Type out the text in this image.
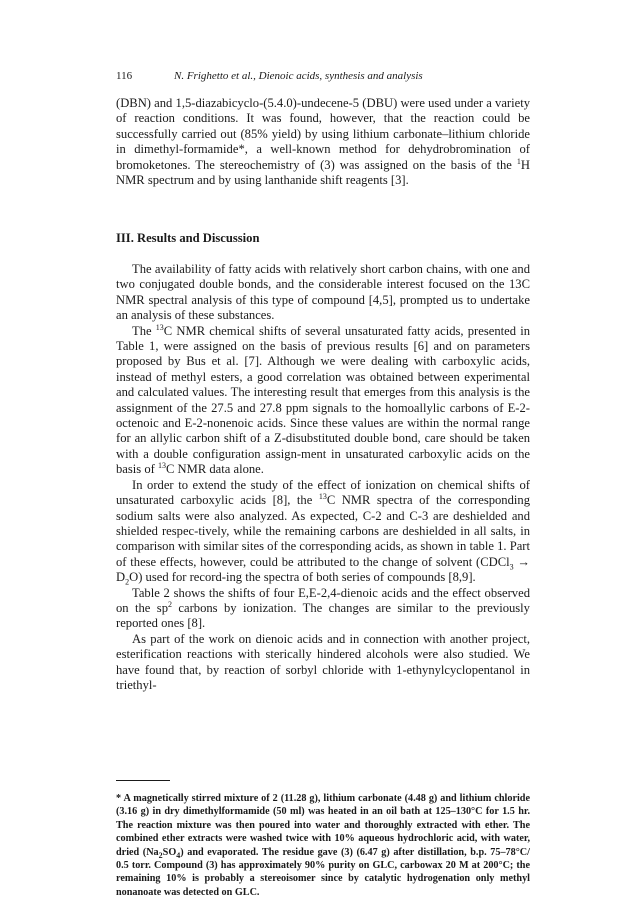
116	N. Frighetto et al., Dienoic acids, synthesis and analysis

(DBN) and 1,5-diazabicyclo-(5.4.0)-undecene-5 (DBU) were used under a variety of reaction conditions. It was found, however, that the reaction could be successfully carried out (85% yield) by using lithium carbonate–lithium chloride in dimethyl-formamide*, a well-known method for dehydrobromination of bromoketones. The stereochemistry of (3) was assigned on the basis of the $^1$H NMR spectrum and by using lanthanide shift reagents [3].

III. Results and Discussion

The availability of fatty acids with relatively short carbon chains, with one and two conjugated double bonds, and the considerable interest focused on the 13C NMR spectral analysis of this type of compound [4,5], prompted us to undertake an analysis of these substances.

The $^{13}$C NMR chemical shifts of several unsaturated fatty acids, presented in Table 1, were assigned on the basis of previous results [6] and on parameters proposed by Bus et al. [7]. Although we were dealing with carboxylic acids, instead of methyl esters, a good correlation was obtained between experimental and calculated values. The interesting result that emerges from this analysis is the assignment of the 27.5 and 27.8 ppm signals to the homoallylic carbons of E-2-octenoic and E-2-nonenoic acids. Since these values are within the normal range for an allylic carbon shift of a Z-disubstituted double bond, care should be taken with a double configuration assign-ment in unsaturated carboxylic acids on the basis of $^{13}$C NMR data alone.

In order to extend the study of the effect of ionization on chemical shifts of unsaturated carboxylic acids [8], the $^{13}$C NMR spectra of the corresponding sodium salts were also analyzed. As expected, C-2 and C-3 are deshielded and shielded respec-tively, while the remaining carbons are deshielded in all salts, in comparison with similar sites of the corresponding acids, as shown in table 1. Part of these effects, however, could be attributed to the change of solvent (CDCl$_3$ → $D_2O$) used for record-ing the spectra of both series of compounds [8,9].

Table 2 shows the shifts of four E,E-2,4-dienoic acids and the effect observed on the $sp^2$ carbons by ionization. The changes are similar to the previously reported ones [8].

As part of the work on dienoic acids and in connection with another project, esterification reactions with sterically hindered alcohols were also studied. We have found that, by reaction of sorbyl chloride with 1-ethynylcyclopentanol in triethyl-

* A magnetically stirred mixture of 2 (11.28 g), lithium carbonate (4.48 g) and lithium chloride (3.16 g) in dry dimethylformamide (50 ml) was heated in an oil bath at 125–130°C for 1.5 hr. The reaction mixture was then poured into water and thoroughly extracted with ether. The combined ether extracts were washed twice with 10% aqueous hydrochloric acid, with water, dried $(Na_2SO_4)$ and evaporated. The residue gave (3) (6.47 g) after distillation, b.p. 75–78°C/ 0.5 torr. Compound (3) has approximately 90% purity on GLC, carbowax 20 M at 200°C; the remaining 10% is probably a stereoisomer since by catalytic hydrogenation only methyl nonanoate was detected on GLC.
